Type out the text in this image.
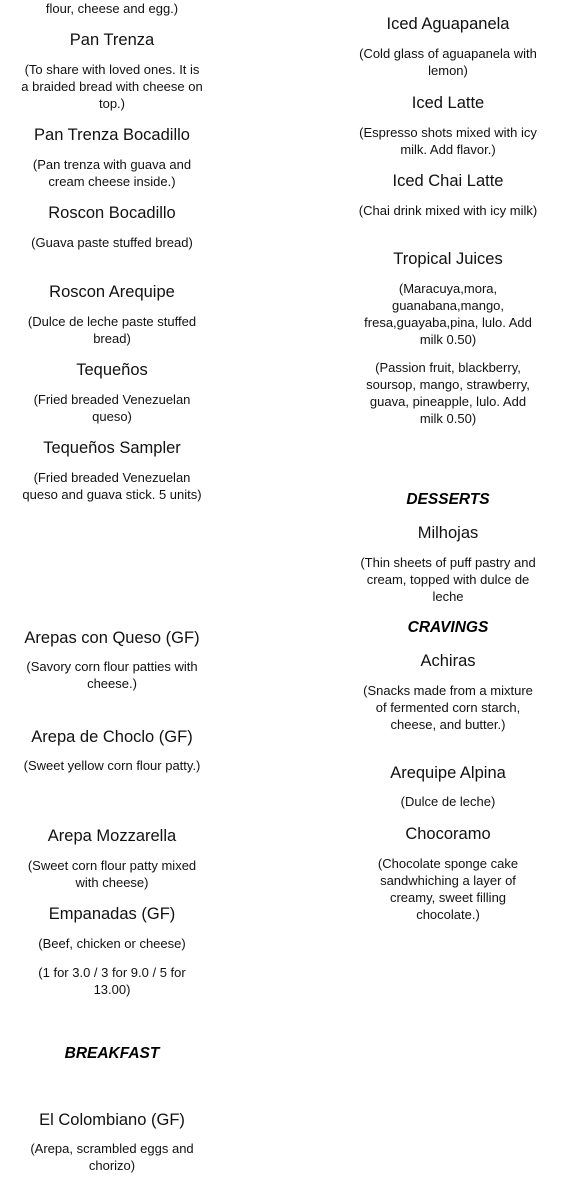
flour, cheese and egg.)

Pan Trenza

(To share with loved ones. It is a braided bread with cheese on top.)

Pan Trenza Bocadillo

(Pan trenza with guava and cream cheese inside.)

Roscon Bocadillo

(Guava paste stuffed bread)

Roscon Arequipe

(Dulce de leche paste stuffed bread)

Tequeños

(Fried breaded Venezuelan queso)

Tequeños Sampler

(Fried breaded Venezuelan queso and guava stick. 5 units)

Arepas con Queso (GF)

(Savory corn flour patties with cheese.)

Arepa de Choclo (GF)

(Sweet yellow corn flour patty.)

Arepa Mozzarella

(Sweet corn flour patty mixed with cheese)

Empanadas (GF)

(Beef, chicken or cheese)

(1 for 3.0 / 3 for 9.0 / 5 for 13.00)

BREAKFAST

El Colombiano (GF)

(Arepa, scrambled eggs and chorizo)

Iced Aguapanela

(Cold glass of aguapanela with lemon)

Iced Latte

(Espresso shots mixed with icy milk. Add flavor.)

Iced Chai Latte

(Chai drink mixed with icy milk)

Tropical Juices

(Maracuya,mora, guanabana,mango, fresa,guayaba,pina, lulo. Add milk 0.50)

(Passion fruit, blackberry, soursop, mango, strawberry, guava, pineapple, lulo. Add milk 0.50)

DESSERTS

Milhojas

(Thin sheets of puff pastry and cream, topped with dulce de leche

CRAVINGS

Achiras

(Snacks made from a mixture of fermented corn starch, cheese, and butter.)

Arequipe Alpina

(Dulce de leche)

Chocoramo

(Chocolate sponge cake sandwhiching a layer of creamy, sweet filling chocolate.)
